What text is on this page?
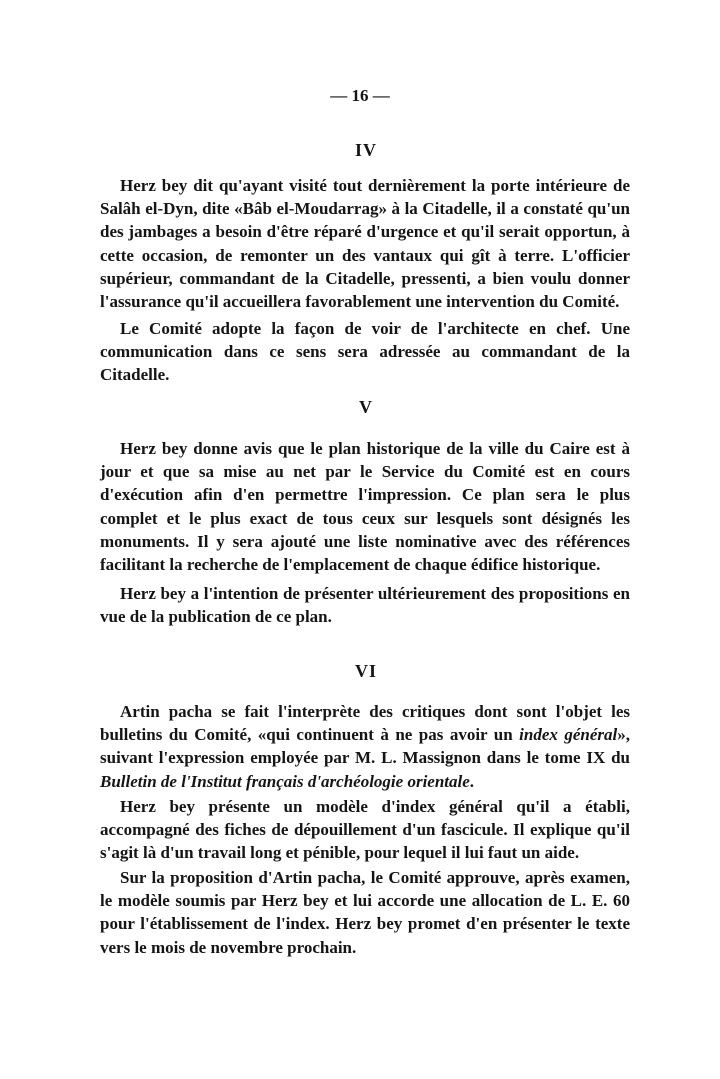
— 16 —
IV

Herz bey dit qu'ayant visité tout dernièrement la porte intérieure de Salâh el-Dyn, dite «Bâb el-Moudarrag» à la Citadelle, il a constaté qu'un des jambages a besoin d'être réparé d'urgence et qu'il serait opportun, à cette occasion, de remonter un des vantaux qui gît à terre. L'officier supérieur, commandant de la Citadelle, pressenti, a bien voulu donner l'assurance qu'il accueillera favorablement une intervention du Comité.

Le Comité adopte la façon de voir de l'architecte en chef. Une communication dans ce sens sera adressée au commandant de la Citadelle.

V

Herz bey donne avis que le plan historique de la ville du Caire est à jour et que sa mise au net par le Service du Comité est en cours d'exécution afin d'en permettre l'impression. Ce plan sera le plus complet et le plus exact de tous ceux sur lesquels sont désignés les monuments. Il y sera ajouté une liste nominative avec des références facilitant la recherche de l'emplacement de chaque édifice historique.

Herz bey a l'intention de présenter ultérieurement des propositions en vue de la publication de ce plan.

VI

Artin pacha se fait l'interprète des critiques dont sont l'objet les bulletins du Comité, «qui continuent à ne pas avoir un index général», suivant l'expression employée par M. L. Massignon dans le tome IX du Bulletin de l'Institut français d'archéologie orientale.

Herz bey présente un modèle d'index général qu'il a établi, accompagné des fiches de dépouillement d'un fascicule. Il explique qu'il s'agit là d'un travail long et pénible, pour lequel il lui faut un aide.

Sur la proposition d'Artin pacha, le Comité approuve, après examen, le modèle soumis par Herz bey et lui accorde une allocation de L. E. 60 pour l'établissement de l'index. Herz bey promet d'en présenter le texte vers le mois de novembre prochain.
